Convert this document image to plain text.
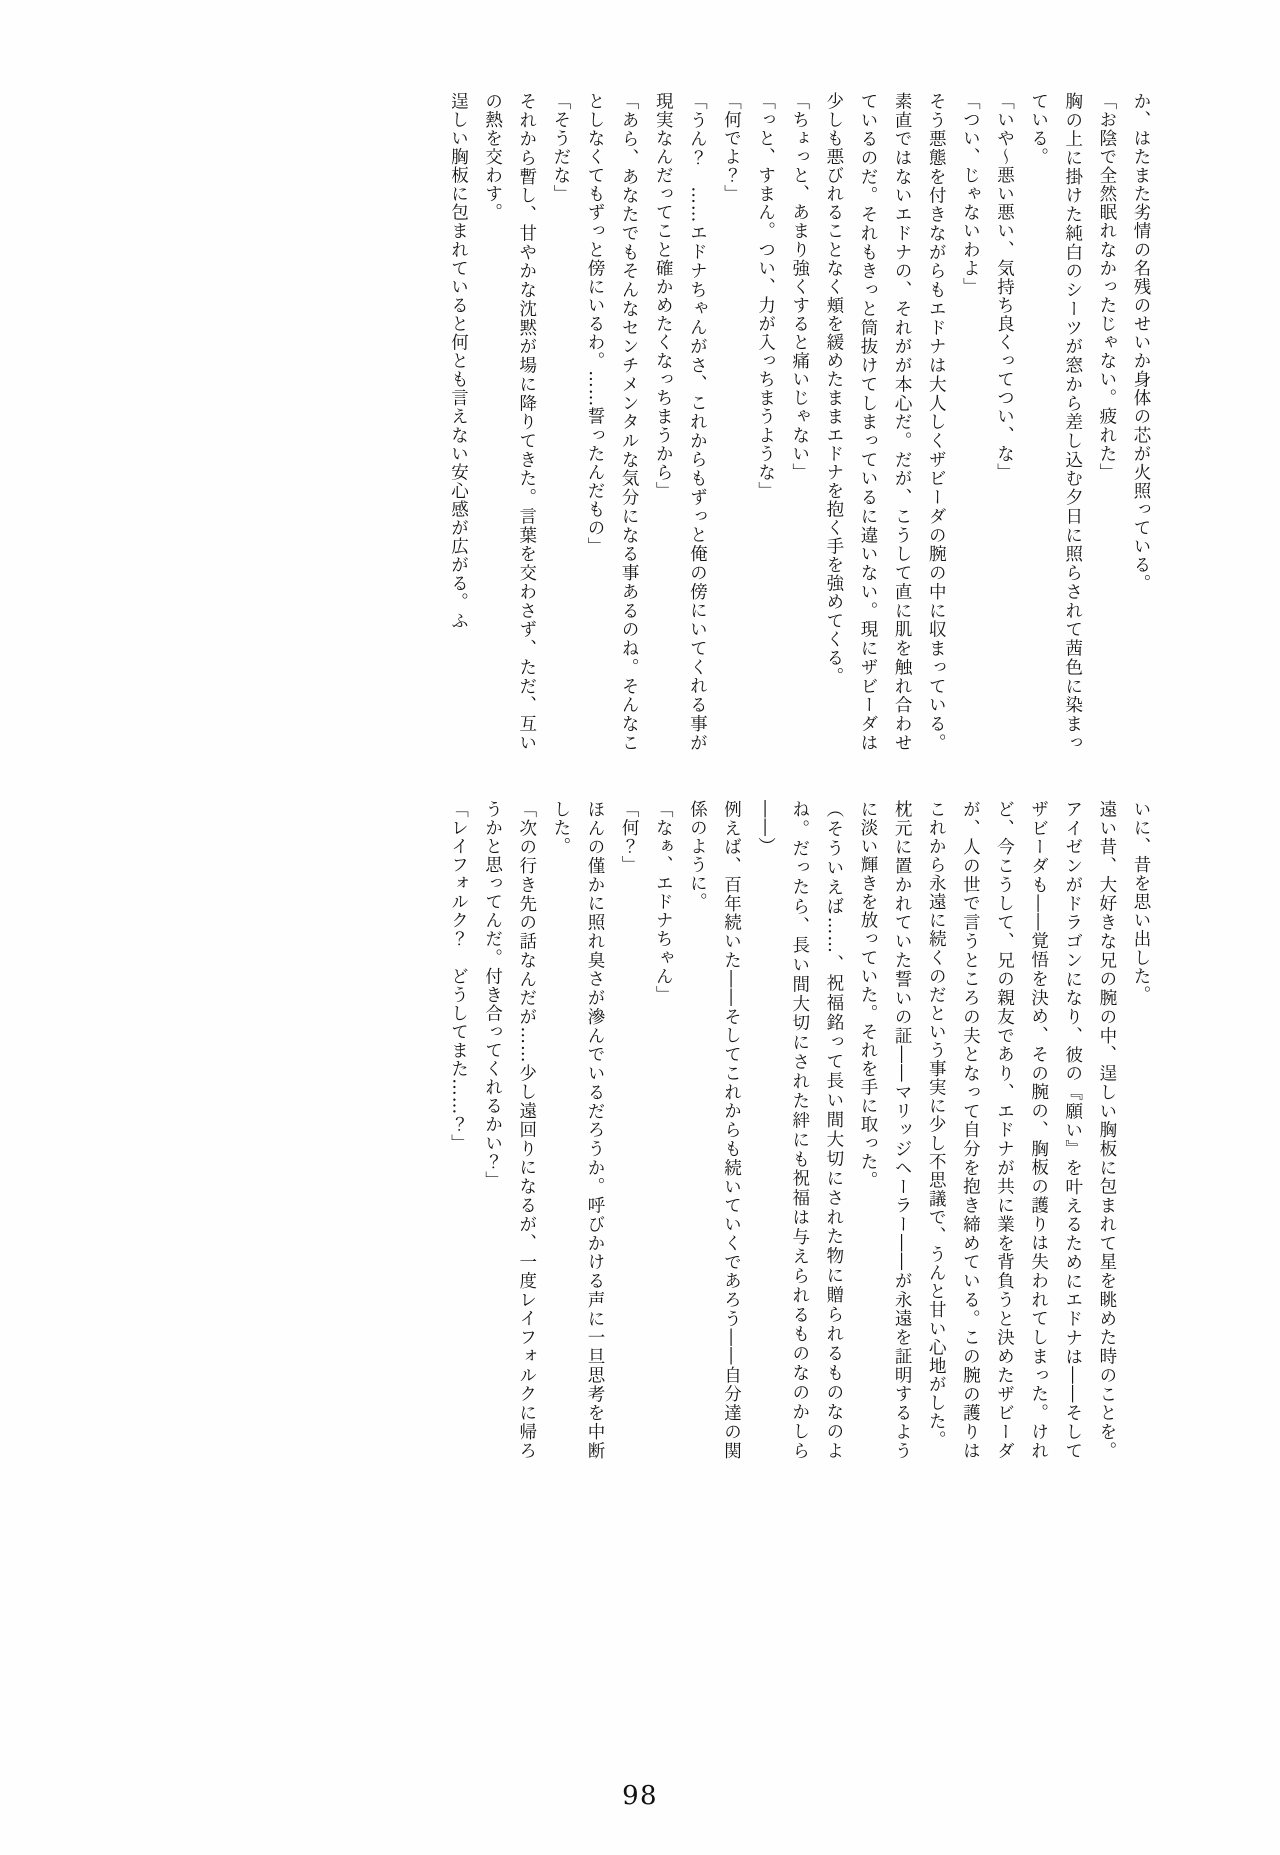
か、はたまた劣情の名残のせいか身体の芯が火照っている。

「お陰で全然眠れなかったじゃない。疲れた」

胸の上に掛けた純白のシーツが窓から差し込む夕日に照らされて茜色に染まっている。

「いや～悪い悪い、気持ち良くってつい、な」

「つい、じゃないわよ」

そう悪態を付きながらもエドナは大人しくザビーダの腕の中に収まっている。素直ではないエドナの、それがが本心だ。だが、こうして直に肌を触れ合わせているのだ。それもきっと筒抜けてしまっているに違いない。現にザビーダは少しも悪びれることなく頬を緩めたままエドナを抱く手を強めてくる。

「ちょっと、あまり強くすると痛いじゃない」

「っと、すまん。つい、力が入っちまうような」

「何でよ？」

「うん？　……エドナちゃんがさ、これからもずっと俺の傍にいてくれる事が現実なんだってこと確かめたくなっちまうから」

「あら、あなたでもそんなセンチメンタルな気分になる事あるのね。そんなことしなくてもずっと傍にいるわ。……誓ったんだもの」

「そうだな」

それから暫し、甘やかな沈黙が場に降りてきた。言葉を交わさず、ただ、互いの熱を交わす。

逞しい胸板に包まれていると何とも言えない安心感が広がる。ふ

いに、昔を思い出した。

遠い昔、大好きな兄の腕の中、逞しい胸板に包まれて星を眺めた時のことを。アイゼンがドラゴンになり、彼の『願い』を叶えるためにエドナは――そしてザビーダも――覚悟を決め、その腕の、胸板の護りは失われてしまった。けれど、今こうして、兄の親友であり、エドナが共に業を背負うと決めたザビーダが、人の世で言うところの夫となって自分を抱き締めている。この腕の護りはこれから永遠に続くのだという事実に少し不思議で、うんと甘い心地がした。

枕元に置かれていた誓いの証――マリッジヘーラー――が永遠を証明するように淡い輝きを放っていた。それを手に取った。

（そういえば……、祝福銘って長い間大切にされた物に贈られるものなのよね。だったら、長い間大切にされた絆にも祝福は与えられるものなのかしら――）

例えば、百年続いた――そしてこれからも続いていくであろう――自分達の関係のように。

「なぁ、エドナちゃん」

「何？」

ほんの僅かに照れ臭さが滲んでいるだろうか。呼びかける声に一旦思考を中断した。

「次の行き先の話なんだが……少し遠回りになるが、一度レイフォルクに帰ろうかと思ってんだ。付き合ってくれるかい？」

「レイフォルク？　どうしてまた……？」

98
